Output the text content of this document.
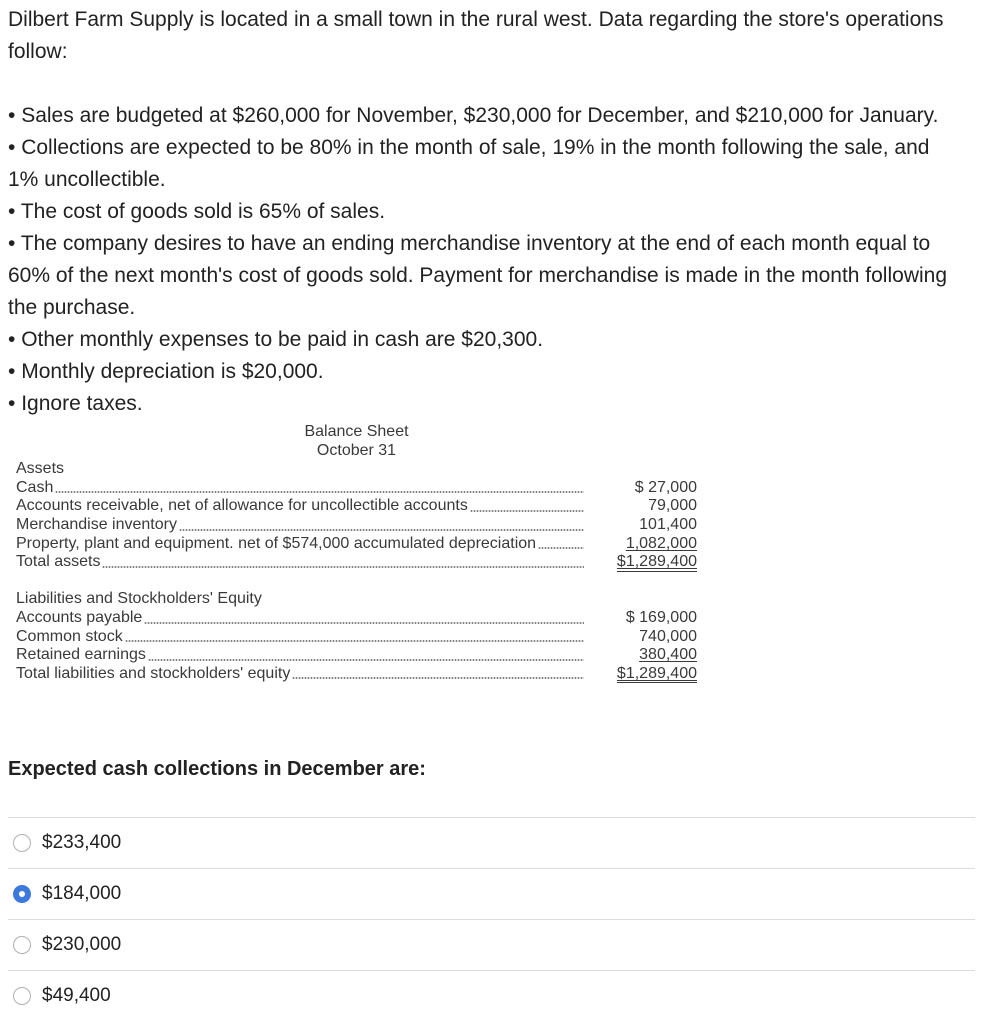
Dilbert Farm Supply is located in a small town in the rural west. Data regarding the store's operations follow:

• Sales are budgeted at $260,000 for November, $230,000 for December, and $210,000 for January.
• Collections are expected to be 80% in the month of sale, 19% in the month following the sale, and 1% uncollectible.
• The cost of goods sold is 65% of sales.
• The company desires to have an ending merchandise inventory at the end of each month equal to 60% of the next month's cost of goods sold. Payment for merchandise is made in the month following the purchase.
• Other monthly expenses to be paid in cash are $20,300.
• Monthly depreciation is $20,000.
• Ignore taxes.
Balance Sheet
October 31
Assets
Cash	$ 27,000
Accounts receivable, net of allowance for uncollectible accounts	79,000
Merchandise inventory	101,400
Property, plant and equipment. net of $574,000 accumulated depreciation	1,082,000
Total assets	$1,289,400
Liabilities and Stockholders' Equity
Accounts payable	$ 169,000
Common stock	740,000
Retained earnings	380,400
Total liabilities and stockholders' equity	$1,289,400
Expected cash collections in December are:
$233,400
$184,000
$230,000
$49,400
